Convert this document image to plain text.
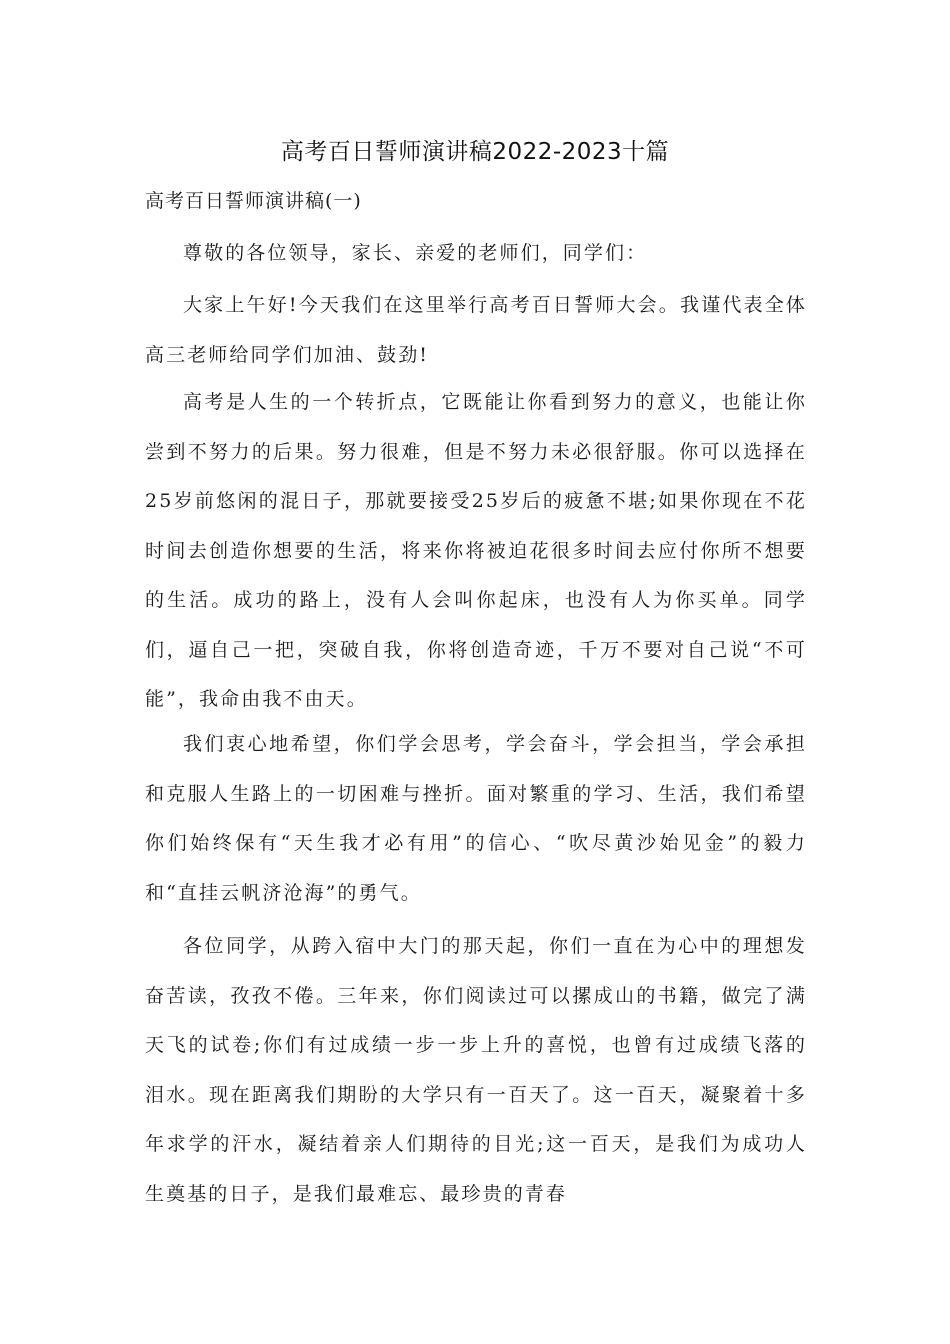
高考百日誓师演讲稿2022-2023十篇

高考百日誓师演讲稿(一)

尊敬的各位领导，家长、亲爱的老师们，同学们：

大家上午好!今天我们在这里举行高考百日誓师大会。我谨代表全体高三老师给同学们加油、鼓劲!

高考是人生的一个转折点，它既能让你看到努力的意义，也能让你尝到不努力的后果。努力很难，但是不努力未必很舒服。你可以选择在25岁前悠闲的混日子，那就要接受25岁后的疲惫不堪;如果你现在不花时间去创造你想要的生活，将来你将被迫花很多时间去应付你所不想要的生活。成功的路上，没有人会叫你起床，也没有人为你买单。同学们，逼自己一把，突破自我，你将创造奇迹，千万不要对自己说“不可能”，我命由我不由天。

我们衷心地希望，你们学会思考，学会奋斗，学会担当，学会承担和克服人生路上的一切困难与挫折。面对繁重的学习、生活，我们希望你们始终保有“天生我才必有用”的信心、“吹尽黄沙始见金”的毅力和“直挂云帆济沧海”的勇气。

各位同学，从跨入宿中大门的那天起，你们一直在为心中的理想发奋苦读，孜孜不倦。三年来，你们阅读过可以摞成山的书籍，做完了满天飞的试卷;你们有过成绩一步一步上升的喜悦，也曾有过成绩飞落的泪水。现在距离我们期盼的大学只有一百天了。这一百天，凝聚着十多年求学的汗水，凝结着亲人们期待的目光;这一百天，是我们为成功人生奠基的日子，是我们最难忘、最珍贵的青春
